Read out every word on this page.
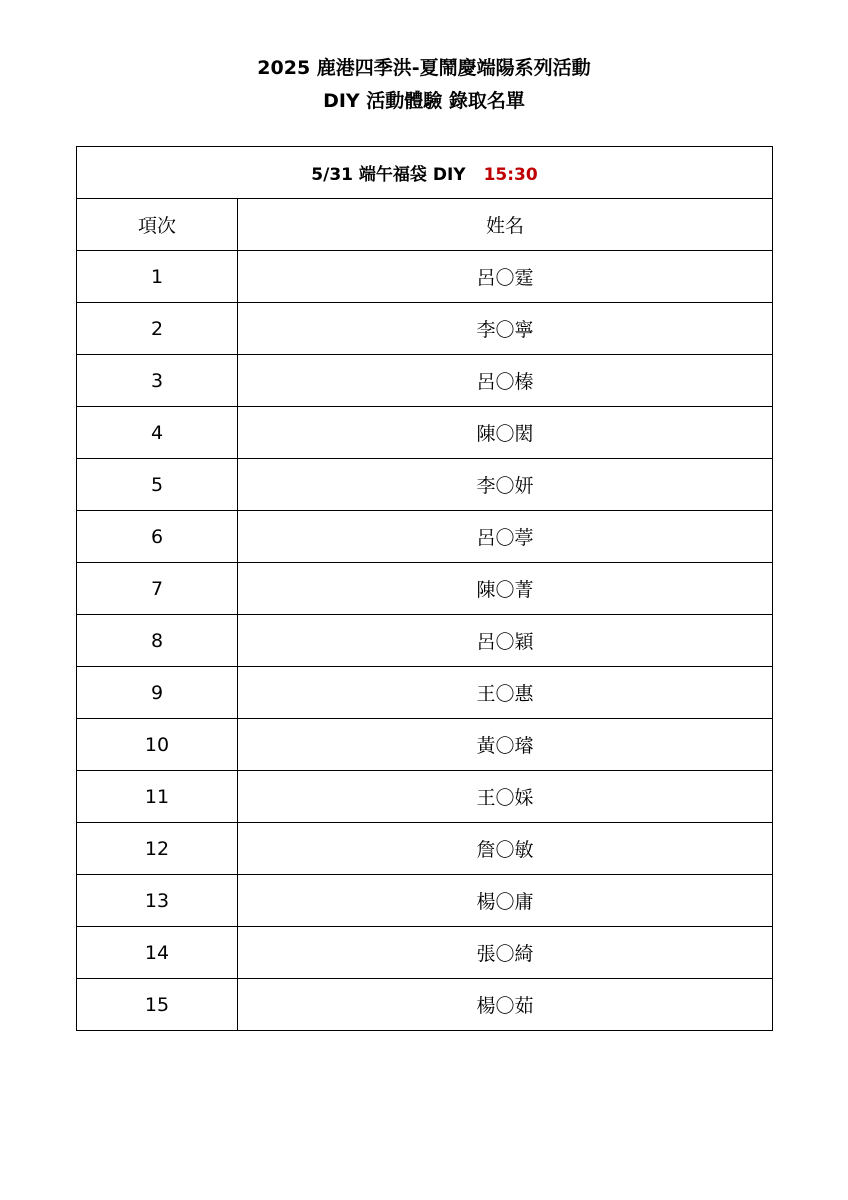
2025 鹿港四季洪-夏鬧慶端陽系列活動
DIY 活動體驗 錄取名單
5/31 端午福袋 DIY 15:30	
項次	姓名
1	呂〇霆
2	李〇寧
3	呂〇榛
4	陳〇閎
5	李〇妍
6	呂〇葶
7	陳〇菁
8	呂〇穎
9	王〇惠
10	黃〇璿
11	王〇婇
12	詹〇敏
13	楊〇庸
14	張〇綺
15	楊〇茹
